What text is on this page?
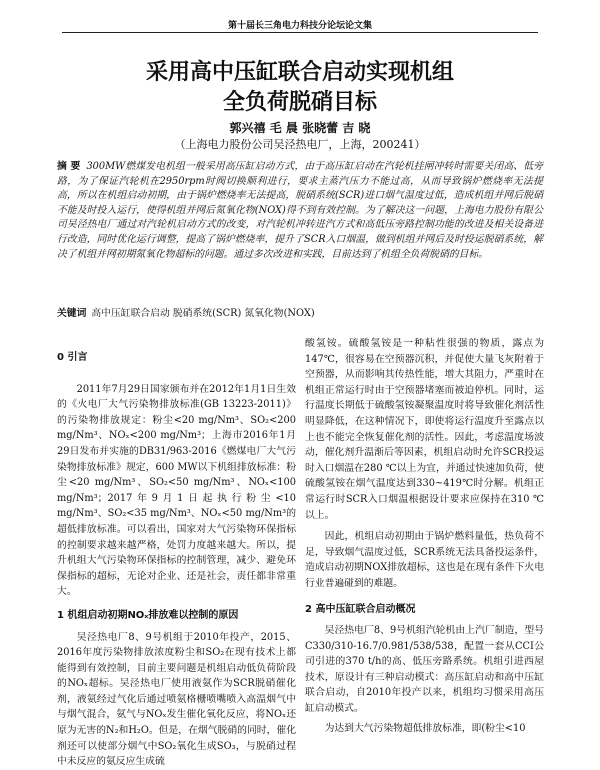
第十届长三角电力科技分论坛论文集
采用高中压缸联合启动实现机组
全负荷脱硝目标
郭兴禧 毛 晨 张晓蕾 吉 晓
（上海电力股份公司吴泾热电厂，上海，200241）
摘 要 300MW燃煤发电机组一般采用高压缸启动方式，由于高压缸启动在汽轮机挂闸冲转时需要关闭高、低旁路，为了保证汽轮机在2950rpm时阀切换顺利进行，要求主蒸汽压力不能过高，从而导致锅炉燃烧率无法提高，所以在机组启动初期，由于锅炉燃烧率无法提高，脱硝系统(SCR)进口烟气温度过低，造成机组并网后脱硝不能及时投入运行，使得机组并网后氮氧化物(NOX)得不到有效控制。为了解决这一问题，上海电力股份有限公司吴泾热电厂通过对汽轮机启动方式的改变，对汽轮机冲转进汽方式和高低压旁路控制功能的改进及相关设备进行改造，同时优化运行调整，提高了锅炉燃烧率，提升了SCR入口烟温，做到机组并网后及时投运脱硝系统，解决了机组并网初期氮氧化物超标的问题。通过多次改进和实践，目前达到了机组全负荷脱硝的目标。
关键词 高中压缸联合启动 脱硝系统(SCR) 氮氧化物(NOX)
0 引言

2011年7月29日国家颁布并在2012年1月1日生效的《火电厂大气污染物排放标准(GB 13223-2011)》的污染物排放规定：粉尘<20 mg/Nm³、SO₂<200 mg/Nm³、NOₓ<200 mg/Nm³；上海市2016年1月29日发布并实施的DB31/963-2016《燃煤电厂大气污染物排放标准》规定，600 MW以下机组排放标准：粉尘<20 mg/Nm³、SO₂<50 mg/Nm³、NOₓ<100 mg/Nm³；2017年9月1日起执行粉尘<10 mg/Nm³、SO₂<35 mg/Nm³、NOₓ<50 mg/Nm³的超低排放标准。可以看出，国家对大气污染物环保指标的控制要求越来越严格，处罚力度越来越大。所以，提升机组大气污染物环保指标的控制管理，减少、避免环保指标的超标，无论对企业、还是社会，责任都非常重大。

1 机组启动初期NOₓ排放难以控制的原因

吴泾热电厂8、9号机组于2010年投产，2015、2016年度污染物排放浓度粉尘和SO₂在现有技术上都能得到有效控制，目前主要问题是机组启动低负荷阶段的NOₓ超标。吴泾热电厂使用液氨作为SCR脱硝催化剂，液氨经过气化后通过喷氨格栅喷嘴喷入高温烟气中与烟气混合，氨气与NOₓ发生催化氧化反应，将NOₓ还原为无害的N₂和H₂O。但是，在烟气脱硝的同时，催化剂还可以使部分烟气中SO₂氧化生成SO₃，与脱硝过程中未反应的氨反应生成硫

酸氢铵。硫酸氢铵是一种粘性很强的物质，露点为147℃，很容易在空预器沉积，并促使大量飞灰附着于空预器，从而影响其传热性能，增大其阻力，严重时在机组正常运行时由于空预器堵塞而被迫停机。同时，运行温度长期低于硫酸氢铵凝聚温度时将导致催化剂活性明显降低，在这种情况下，即使将运行温度升至露点以上也不能完全恢复催化剂的活性。因此，考虑温度场波动，催化剂升温渐后等因素，机组启动时允许SCR投运时入口烟温在280 ℃以上为宜，并通过快速加负荷，使硫酸氢铵在烟气温度达到330~419℃时分解。机组正常运行时SCR入口烟温根据设计要求应保持在310 ℃以上。

因此，机组启动初期由于锅炉燃料量低，热负荷不足，导致烟气温度过低，SCR系统无法具备投运条件，造成启动初期NOX排放超标，这也是在现有条件下火电行业普遍碰到的难题。

2 高中压缸联合启动概况

吴泾热电厂8、9号机组汽轮机由上汽厂制造，型号C330/310-16.7/0.981/538/538，配置一套从CCI公司引进的370 t/h的高、低压旁路系统。机组引进西屋技术，原设计有三种启动模式：高压缸启动和高中压缸联合启动，自2010年投产以来，机组均习惯采用高压缸启动模式。

为达到大气污染物超低排放标准，即(粉尘<10
